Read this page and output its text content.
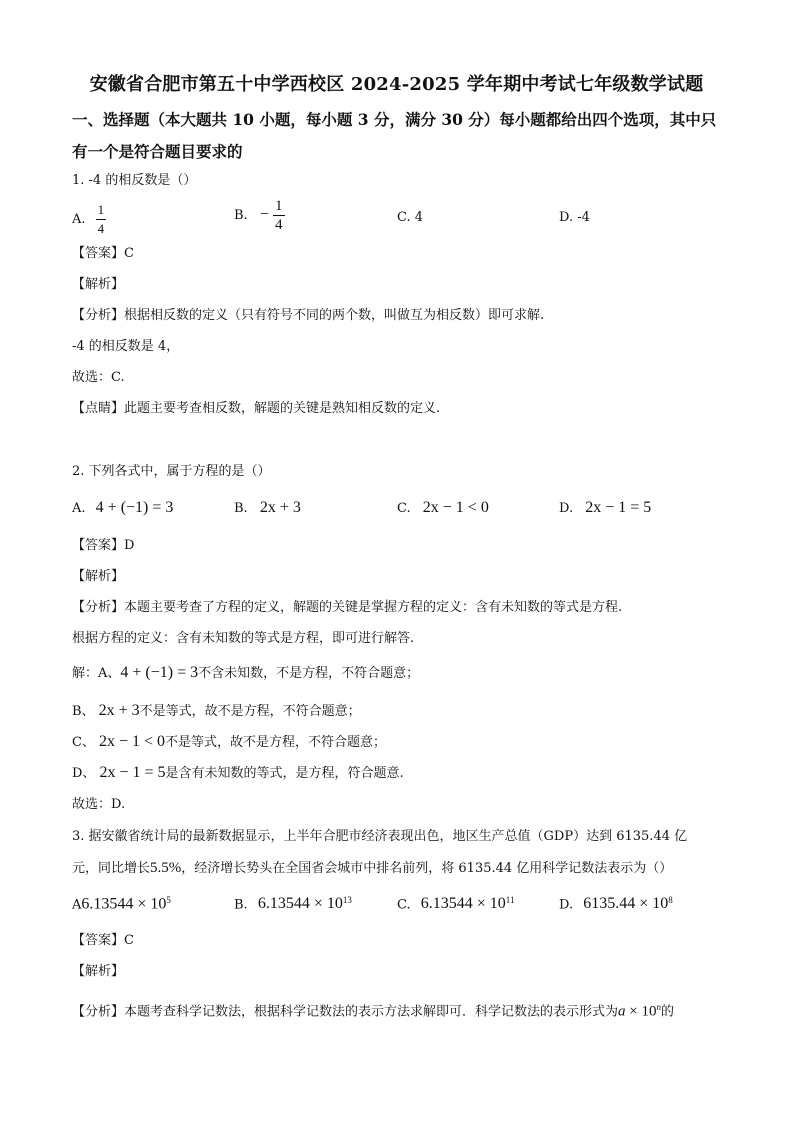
安徽省合肥市第五十中学西校区 2024-2025 学年期中考试七年级数学试题
一、选择题（本大题共 10 小题，每小题 3 分，满分 30 分）每小题都给出四个选项，其中只
有一个是符合题目要求的
1. -4 的相反数是（）
A. $\frac{1}{4}$	B. − $\frac{1}{4}$	C. 4	D. -4
【答案】C
【解析】
【分析】根据相反数的定义（只有符号不同的两个数，叫做互为相反数）即可求解.
-4 的相反数是 4，
故选：C.
【点睛】此题主要考查相反数，解题的关键是熟知相反数的定义.
2. 下列各式中，属于方程的是（）
A. 4 + (−1) = 3	B. 2x + 3	C. 2x − 1 < 0	D. 2x − 1 = 5
【答案】D
【解析】
【分析】本题主要考查了方程的定义，解题的关键是掌握方程的定义：含有未知数的等式是方程.
根据方程的定义：含有未知数的等式是方程，即可进行解答.
解：A、4 + (−1) = 3不含未知数，不是方程，不符合题意；
B、 2x + 3不是等式，故不是方程，不符合题意；
C、 2x − 1 < 0不是等式，故不是方程，不符合题意；
D、 2x − 1 = 5是含有未知数的等式，是方程，符合题意.
故选：D.
3. 据安徽省统计局的最新数据显示，上半年合肥市经济表现出色，地区生产总值（GDP）达到 6135.44 亿
元，同比增长5.5%，经济增长势头在全国省会城市中排名前列，将 6135.44 亿用科学记数法表示为（）
$A6.13544 \times 10^5$	B. $6.13544 \times 10^{13}$	C. $6.13544 \times 10^{11}$	D. $6135.44 \times 10^8$
【答案】C
【解析】
【分析】本题考查科学记数法，根据科学记数法的表示方法求解即可．科学记数法的表示形式为$a \times 10^n$的
